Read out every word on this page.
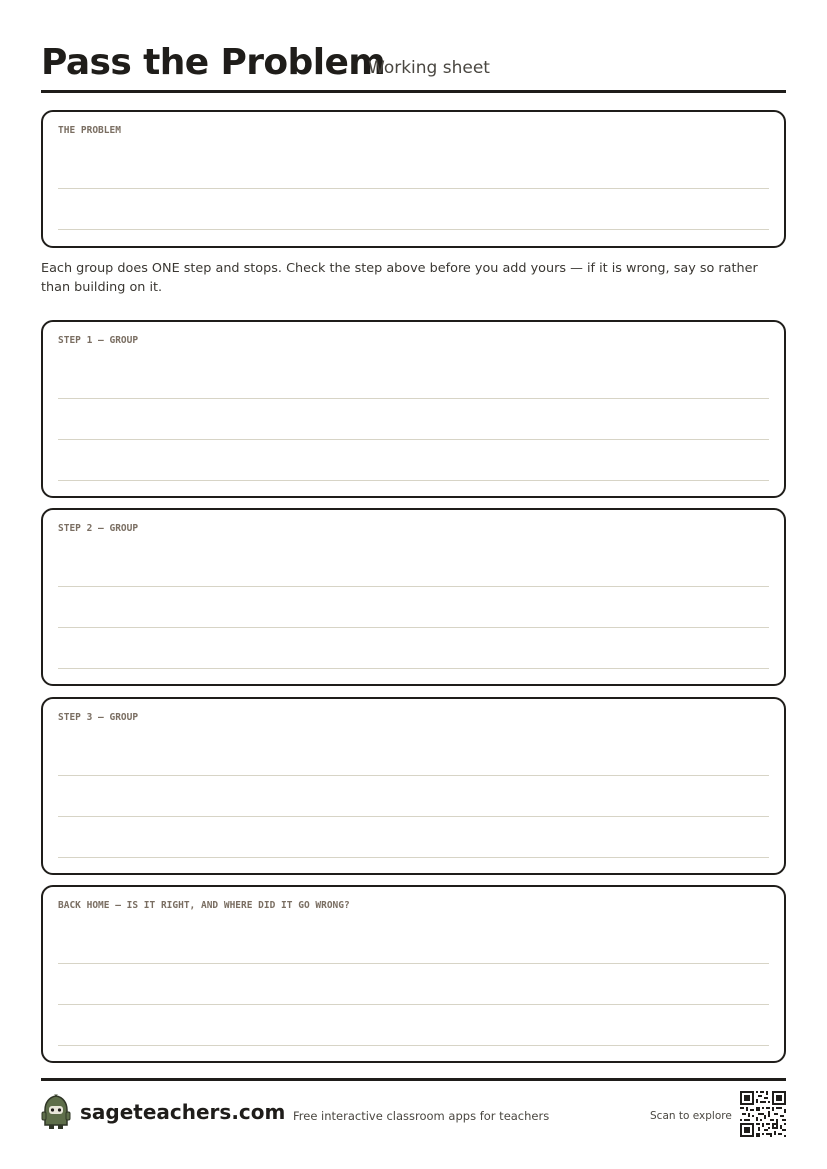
Pass the Problem
Working sheet
THE PROBLEM
Each group does ONE step and stops. Check the step above before you add yours — if it is wrong, say so rather than building on it.
STEP 1 — GROUP
STEP 2 — GROUP
STEP 3 — GROUP
BACK HOME — IS IT RIGHT, AND WHERE DID IT GO WRONG?
sageteachers.com Free interactive classroom apps for teachers	Scan to explore
